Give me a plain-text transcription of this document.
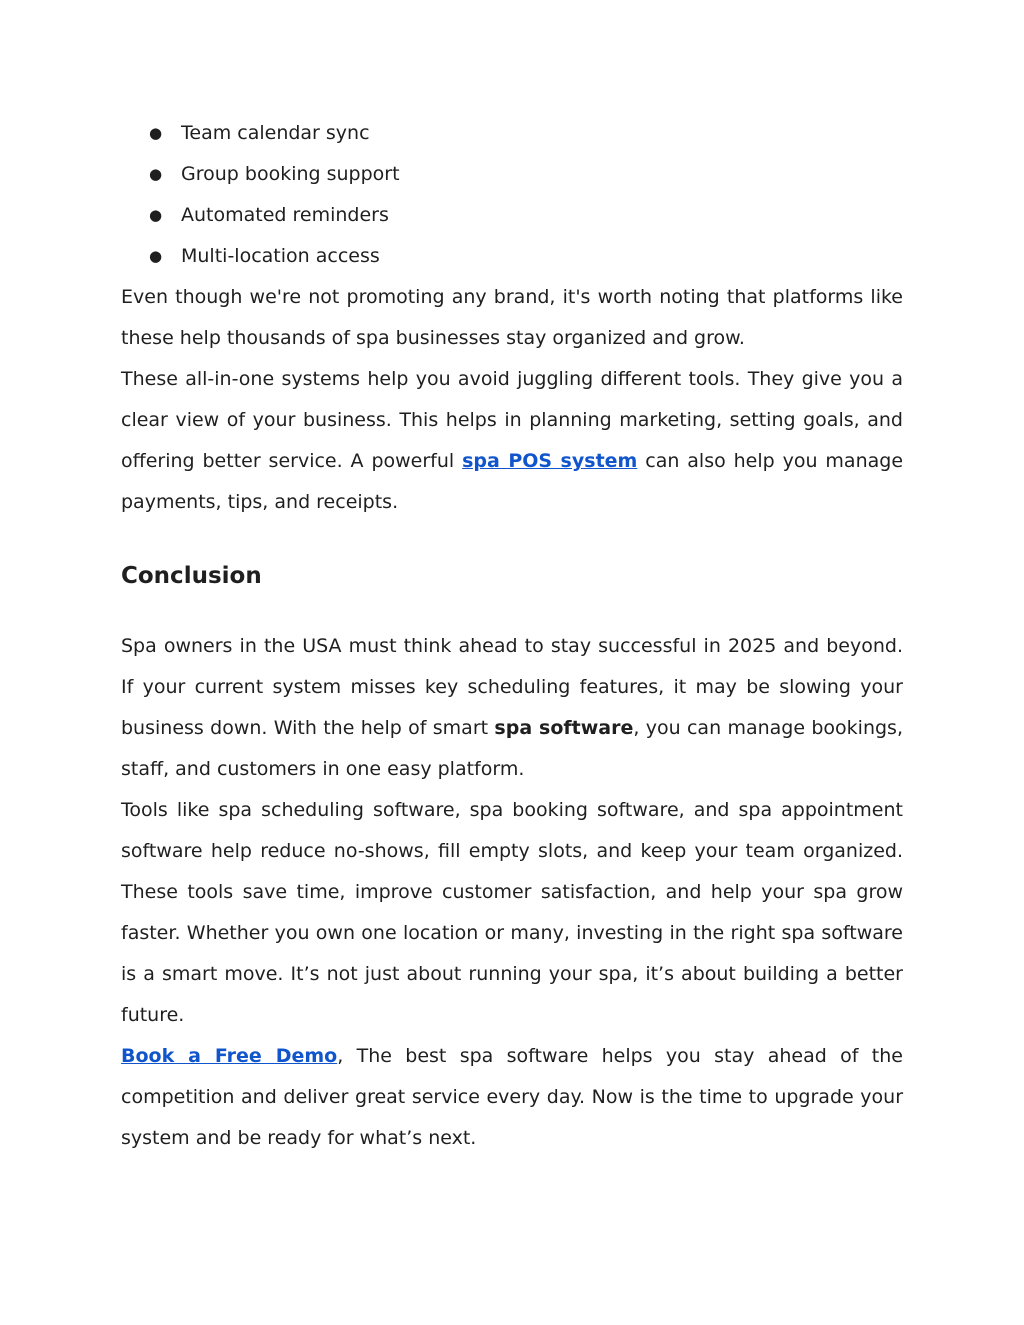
● Team calendar sync
● Group booking support
● Automated reminders
● Multi-location access

Even though we're not promoting any brand, it's worth noting that platforms like these help thousands of spa businesses stay organized and grow.

These all-in-one systems help you avoid juggling different tools. They give you a clear view of your business. This helps in planning marketing, setting goals, and offering better service. A powerful spa POS system can also help you manage payments, tips, and receipts.

Conclusion

Spa owners in the USA must think ahead to stay successful in 2025 and beyond. If your current system misses key scheduling features, it may be slowing your business down. With the help of smart spa software, you can manage bookings, staff, and customers in one easy platform.

Tools like spa scheduling software, spa booking software, and spa appointment software help reduce no-shows, fill empty slots, and keep your team organized. These tools save time, improve customer satisfaction, and help your spa grow faster. Whether you own one location or many, investing in the right spa software is a smart move. It’s not just about running your spa, it’s about building a better future.

Book a Free Demo, The best spa software helps you stay ahead of the competition and deliver great service every day. Now is the time to upgrade your system and be ready for what’s next.
